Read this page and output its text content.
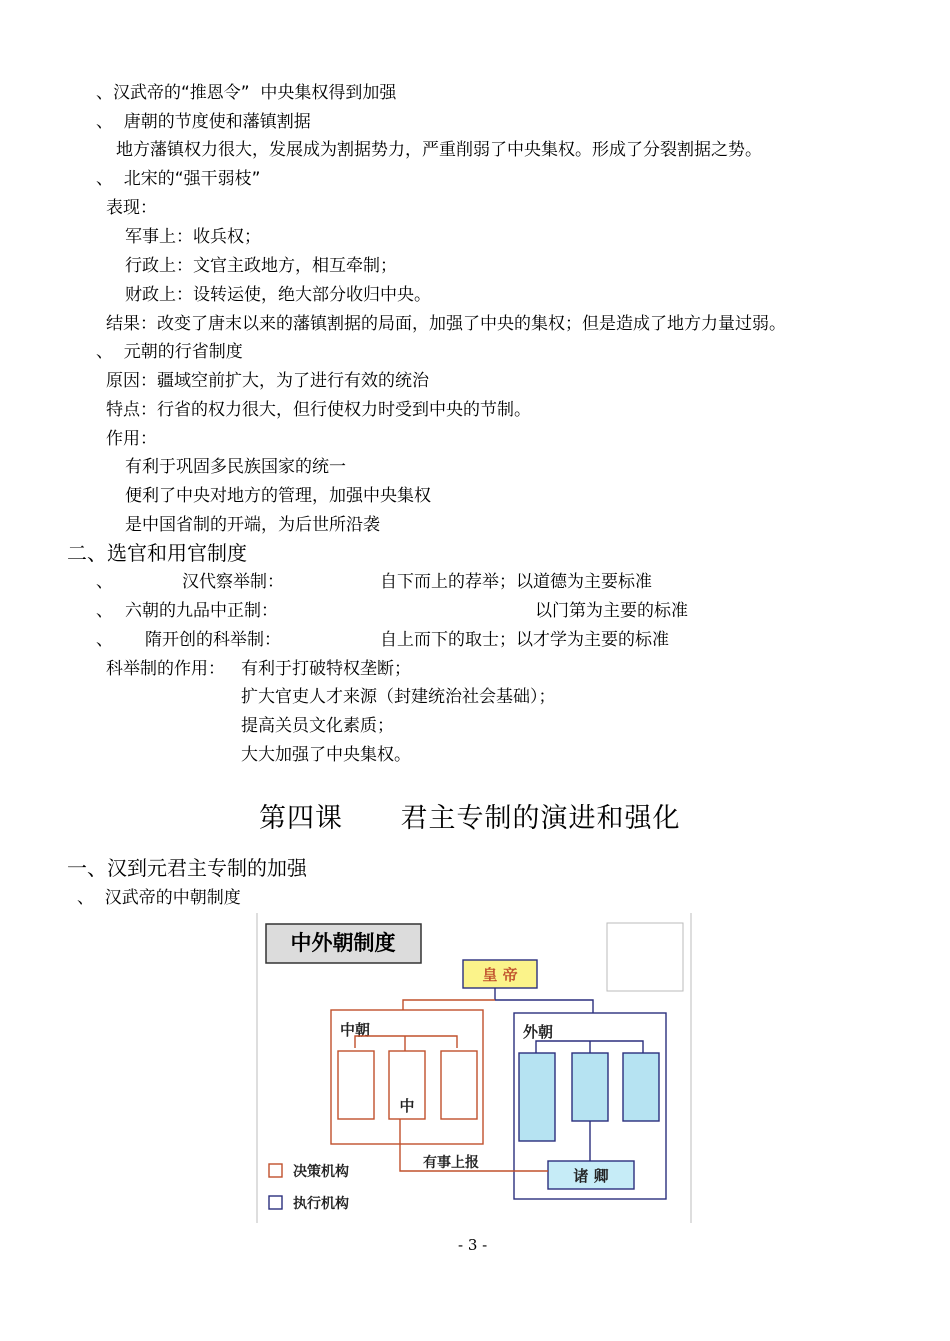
、汉武帝的“推恩令”  中央集权得到加强
、  唐朝的节度使和藩镇割据
地方藩镇权力很大，发展成为割据势力，严重削弱了中央集权。形成了分裂割据之势。
、  北宋的“强干弱枝”
表现：
军事上：收兵权；
行政上：文官主政地方，相互牵制；
财政上：设转运使，绝大部分收归中央。
结果：改变了唐末以来的藩镇割据的局面，加强了中央的集权；但是造成了地方力量过弱。
、  元朝的行省制度
原因：疆域空前扩大，为了进行有效的统治
特点：行省的权力很大，但行使权力时受到中央的节制。
作用：
有利于巩固多民族国家的统一
便利了中央对地方的管理，加强中央集权
是中国省制的开端，为后世所沿袭
二、选官和用官制度
、	汉代察举制：	自下而上的荐举；以道德为主要标准
、 六朝的九品中正制：	以门第为主要的标准
、 隋开创的科举制：	自上而下的取士；以才学为主要的标准
科举制的作用： 有利于打破特权垄断；
扩大官吏人才来源（封建统治社会基础）；
提高关员文化素质；
大大加强了中央集权。
第四课      君主专制的演进和强化
一、汉到元君主专制的加强
、  汉武帝的中朝制度
中外朝制度
皇 帝
中朝
中
外朝
诸 卿
有事上报
决策机构
执行机构
- 3 -
